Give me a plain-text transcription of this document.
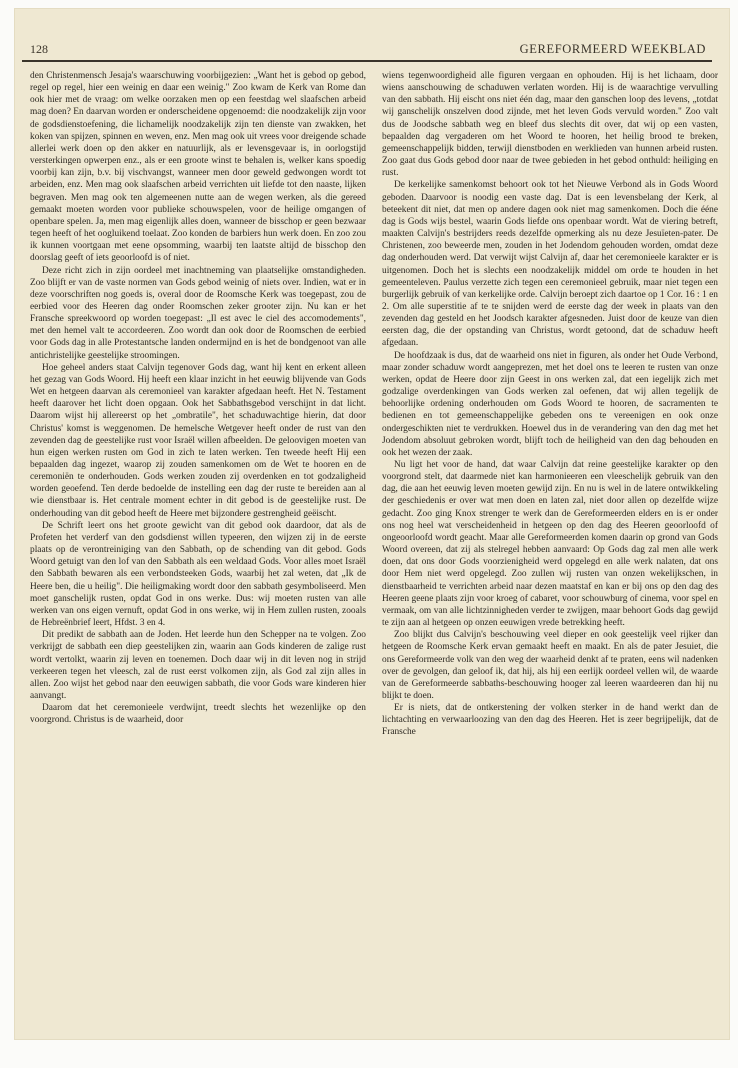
128	GEREFORMEERD WEEKBLAD

den Christenmensch Jesaja's waarschuwing voorbijgezien: „Want het is gebod op gebod, regel op regel, hier een weinig en daar een weinig." Zoo kwam de Kerk van Rome dan ook hier met de vraag: om welke oorzaken men op een feestdag wel slaafschen arbeid mag doen? En daarvan worden er onderscheidene opgenoemd: die noodzakelijk zijn voor de godsdienstoefening, die lichamelijk noodzakelijk zijn ten dienste van zwakken, het koken van spijzen, spinnen en weven, enz. Men mag ook uit vrees voor dreigende schade allerlei werk doen op den akker en natuurlijk, als er levensgevaar is, in oorlogstijd versterkingen opwerpen enz., als er een groote winst te behalen is, welker kans spoedig voorbij kan zijn, b.v. bij vischvangst, wanneer men door geweld gedwongen wordt tot arbeiden, enz. Men mag ook slaafschen arbeid verrichten uit liefde tot den naaste, lijken begraven. Men mag ook ten algemeenen nutte aan de wegen werken, als die gereed gemaakt moeten worden voor publieke schouwspelen, voor de heilige omgangen of openbare spelen. Ja, men mag eigenlijk alles doen, wanneer de bisschop er geen bezwaar tegen heeft of het oogluikend toelaat. Zoo konden de barbiers hun werk doen. En zoo zou ik kunnen voortgaan met eene opsomming, waarbij ten laatste altijd de bisschop den doorslag geeft of iets geoorloofd is of niet.

Deze richt zich in zijn oordeel met inachtneming van plaatselijke omstandigheden. Zoo blijft er van de vaste normen van Gods gebod weinig of niets over. Indien, wat er in deze voorschriften nog goeds is, overal door de Roomsche Kerk was toegepast, zou de eerbied voor des Heeren dag onder Roomschen zeker grooter zijn. Nu kan er het Fransche spreekwoord op worden toegepast: „Il est avec le ciel des accomodements", met den hemel valt te accordeeren. Zoo wordt dan ook door de Roomschen de eerbied voor Gods dag in alle Protestantsche landen ondermijnd en is het de bondgenoot van alle antichristelijke geestelijke stroomingen.

Hoe geheel anders staat Calvijn tegenover Gods dag, want hij kent en erkent alleen het gezag van Gods Woord. Hij heeft een klaar inzicht in het eeuwig blijvende van Gods Wet en hetgeen daarvan als ceremonieel van karakter afgedaan heeft. Het N. Testament heeft daarover het licht doen opgaan. Ook het Sabbathsgebod verschijnt in dat licht. Daarom wijst hij allereerst op het „ombratile", het schaduwachtige hierin, dat door Christus' komst is weggenomen. De hemelsche Wetgever heeft onder de rust van den zevenden dag de geestelijke rust voor Israël willen afbeelden. De geloovigen moeten van hun eigen werken rusten om God in zich te laten werken. Ten tweede heeft Hij een bepaalden dag ingezet, waarop zij zouden samenkomen om de Wet te hooren en de ceremoniën te onderhouden. Gods werken zouden zij overdenken en tot godzaligheid worden geoefend. Ten derde bedoelde de instelling een dag der ruste te bereiden aan al wie dienstbaar is. Het centrale moment echter in dit gebod is de geestelijke rust. De onderhouding van dit gebod heeft de Heere met bijzondere gestrengheid geëischt.

De Schrift leert ons het groote gewicht van dit gebod ook daardoor, dat als de Profeten het verderf van den godsdienst willen typeeren, den wijzen zij in de eerste plaats op de verontreiniging van den Sabbath, op de schending van dit gebod. Gods Woord getuigt van den lof van den Sabbath als een weldaad Gods. Voor alles moet Israël den Sabbath bewaren als een verbondsteeken Gods, waarbij het zal weten, dat „Ik de Heere ben, die u heilig". Die heiligmaking wordt door den sabbath gesymboliseerd. Men moet ganschelijk rusten, opdat God in ons werke. Dus: wij moeten rusten van alle werken van ons eigen vernuft, opdat God in ons werke, wij in Hem zullen rusten, zooals de Hebreënbrief leert, Hfdst. 3 en 4.

Dit predikt de sabbath aan de Joden. Het leerde hun den Schepper na te volgen. Zoo verkrijgt de sabbath een diep geestelijken zin, waarin aan Gods kinderen de zalige rust wordt vertolkt, waarin zij leven en toenemen. Doch daar wij in dit leven nog in strijd verkeeren tegen het vleesch, zal de rust eerst volkomen zijn, als God zal zijn alles in allen. Zoo wijst het gebod naar den eeuwigen sabbath, die voor Gods ware kinderen hier aanvangt.

Daarom dat het ceremonieele verdwijnt, treedt slechts het wezenlijke op den voorgrond. Christus is de waarheid, door

wiens tegenwoordigheid alle figuren vergaan en ophouden. Hij is het lichaam, door wiens aanschouwing de schaduwen verlaten worden. Hij is de waarachtige vervulling van den sabbath. Hij eischt ons niet één dag, maar den ganschen loop des levens, „totdat wij ganschelijk onszelven dood zijnde, met het leven Gods vervuld worden." Zoo valt dus de Joodsche sabbath weg en bleef dus slechts dit over, dat wij op een vasten, bepaalden dag vergaderen om het Woord te hooren, het heilig brood te breken, gemeenschappelijk bidden, terwijl dienstboden en werklieden van hunnen arbeid rusten. Zoo gaat dus Gods gebod door naar de twee gebieden in het gebod onthuld: heiliging en rust.

De kerkelijke samenkomst behoort ook tot het Nieuwe Verbond als in Gods Woord geboden. Daarvoor is noodig een vaste dag. Dat is een levensbelang der Kerk, al beteekent dit niet, dat men op andere dagen ook niet mag samenkomen. Doch die ééne dag is Gods wijs bestel, waarin Gods liefde ons openbaar wordt. Wat de viering betreft, maakten Calvijn's bestrijders reeds dezelfde opmerking als nu deze Jesuïeten-pater. De Christenen, zoo beweerde men, zouden in het Jodendom gehouden worden, omdat deze dag onderhouden werd. Dat verwijt wijst Calvijn af, daar het ceremonieele karakter er is uitgenomen. Doch het is slechts een noodzakelijk middel om orde te houden in het gemeenteleven. Paulus verzette zich tegen een ceremonieel gebruik, maar niet tegen een burgerlijk gebruik of van kerkelijke orde. Calvijn beroept zich daartoe op 1 Cor. 16 : 1 en 2. Om alle superstitie af te te snijden werd de eerste dag der week in plaats van den zevenden dag gesteld en het Joodsch karakter afgesneden. Juist door de keuze van dien eersten dag, die der opstanding van Christus, wordt getoond, dat de schaduw heeft afgedaan.

De hoofdzaak is dus, dat de waarheid ons niet in figuren, als onder het Oude Verbond, maar zonder schaduw wordt aangeprezen, met het doel ons te leeren te rusten van onze werken, opdat de Heere door zijn Geest in ons werken zal, dat een iegelijk zich met godzalige overdenkingen van Gods werken zal oefenen, dat wij allen tegelijk de behoorlijke ordening onderhouden om Gods Woord te hooren, de sacramenten te bedienen en tot gemeenschappelijke gebeden ons te vereenigen en ook onze ondergeschikten niet te verdrukken. Hoewel dus in de verandering van den dag met het Jodendom absoluut gebroken wordt, blijft toch de heiligheid van den dag behouden en ook het wezen der zaak.

Nu ligt het voor de hand, dat waar Calvijn dat reine geestelijke karakter op den voorgrond stelt, dat daarmede niet kan harmonieeren een vleeschelijk gebruik van den dag, die aan het eeuwig leven moeten gewijd zijn. En nu is wel in de latere ontwikkeling der geschiedenis er over wat men doen en laten zal, niet door allen op dezelfde wijze gedacht. Zoo ging Knox strenger te werk dan de Gereformeerden elders en is er onder ons nog heel wat verscheidenheid in hetgeen op den dag des Heeren geoorloofd of ongeoorloofd wordt geacht. Maar alle Gereformeerden komen daarin op grond van Gods Woord overeen, dat zij als stelregel hebben aanvaard: Op Gods dag zal men alle werk doen, dat ons door Gods voorzienigheid werd opgelegd en alle werk nalaten, dat ons door Hem niet werd opgelegd. Zoo zullen wij rusten van onzen wekelijkschen, in dienstbaarheid te verrichten arbeid naar dezen maatstaf en kan er bij ons op den dag des Heeren geene plaats zijn voor kroeg of cabaret, voor schouwburg of cinema, voor spel en vermaak, om van alle lichtzinnigheden verder te zwijgen, maar behoort Gods dag gewijd te zijn aan al hetgeen op onzen eeuwigen vrede betrekking heeft.

Zoo blijkt dus Calvijn's beschouwing veel dieper en ook geestelijk veel rijker dan hetgeen de Roomsche Kerk ervan gemaakt heeft en maakt. En als de pater Jesuiet, die ons Gereformeerde volk van den weg der waarheid denkt af te praten, eens wil nadenken over de gevolgen, dan geloof ik, dat hij, als hij een eerlijk oordeel vellen wil, de waarde van de Gereformeerde sabbaths-beschouwing hooger zal leeren waardeeren dan hij nu blijkt te doen.

Er is niets, dat de ontkerstening der volken sterker in de hand werkt dan de lichtachting en verwaarloozing van den dag des Heeren. Het is zeer begrijpelijk, dat de Fransche
